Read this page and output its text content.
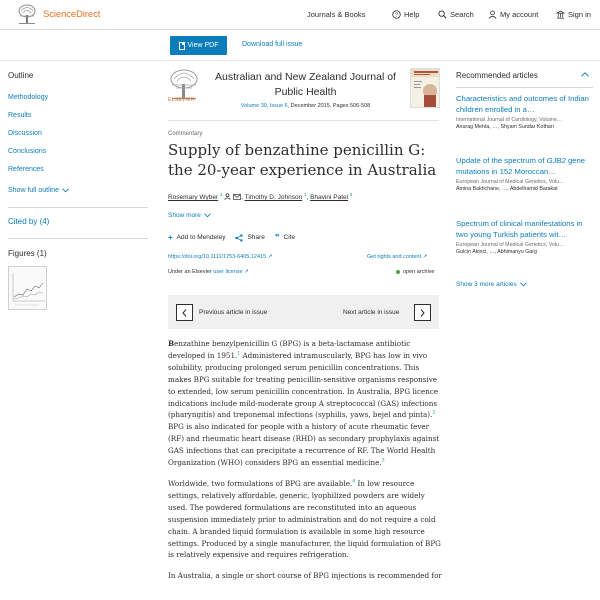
ScienceDirect	Journals & Books	? Help	Search	My account	Sign in
View PDF	Download full issue
Outline
Methodology
Results
Discussion
Conclusions
References
Show full outline
Cited by (4)
Figures (1)
ELSEVIER
Australian and New Zealand Journal of Public Health
Volume 39, Issue 6, December 2015, Pages 506-508
Commentary
Supply of benzathine penicillin G: the 20-year experience in Australia
Rosemary Wyber $^1$	, Timothy D. Johnson $^1$, Bhavini Patel $^2$
Show more
+ Add to Mendeley	Share ❞ Cite
https://doi.org/10.1111/1753-6405.12415 ↗	Get rights and content ↗
Under an Elsevier user license ↗	open archive
Previous article in issue	Next article in issue

Benzathine benzylpenicillin G (BPG) is a beta-lactamase antibiotic developed in 1951.$^1$ Administered intramuscularly, BPG has low in vivo solubility, producing prolonged serum penicillin concentrations. This makes BPG suitable for treating penicillin-sensitive organisms responsive to extended, low serum penicillin concentration. In Australia, BPG licence indications include mild-moderate group A streptococcal (GAS) infections (pharyngitis) and treponemal infections (syphilis, yaws, bejel and pinta).$^2$ BPG is also indicated for people with a history of acute rheumatic fever (RF) and rheumatic heart disease (RHD) as secondary prophylaxis against GAS infections that can precipitate a recurrence of RF. The World Health Organization (WHO) considers BPG an essential medicine.$^3$

Worldwide, two formulations of BPG are available.$^4$ In low resource settings, relatively affordable, generic, lyophilized powders are widely used. The powdered formulations are reconstituted into an aqueous suspension immediately prior to administration and do not require a cold chain. A branded liquid formulation is available in some high resource settings. Produced by a single manufacturer, the liquid formulation of BPG is relatively expensive and requires refrigeration.

In Australia, a single or short course of BPG injections is recommended for

Recommended articles
Characteristics and outcomes of Indian children enrolled in a…
International Journal of Cardiology, Volume…
Anurag Mehta, …, Shyam Sundar Kothari
Update of the spectrum of GJB2 gene mutations in 152 Moroccan…
European Journal of Medical Genetics, Volu…
Amina Bakhchane, …, Abdelhamid Barakat
Spectrum of clinical manifestations in two young Turkish patients wit…
European Journal of Medical Genetics, Volu…
Gulcin Akinci, …, Abhimanyu Garg
Show 3 more articles
